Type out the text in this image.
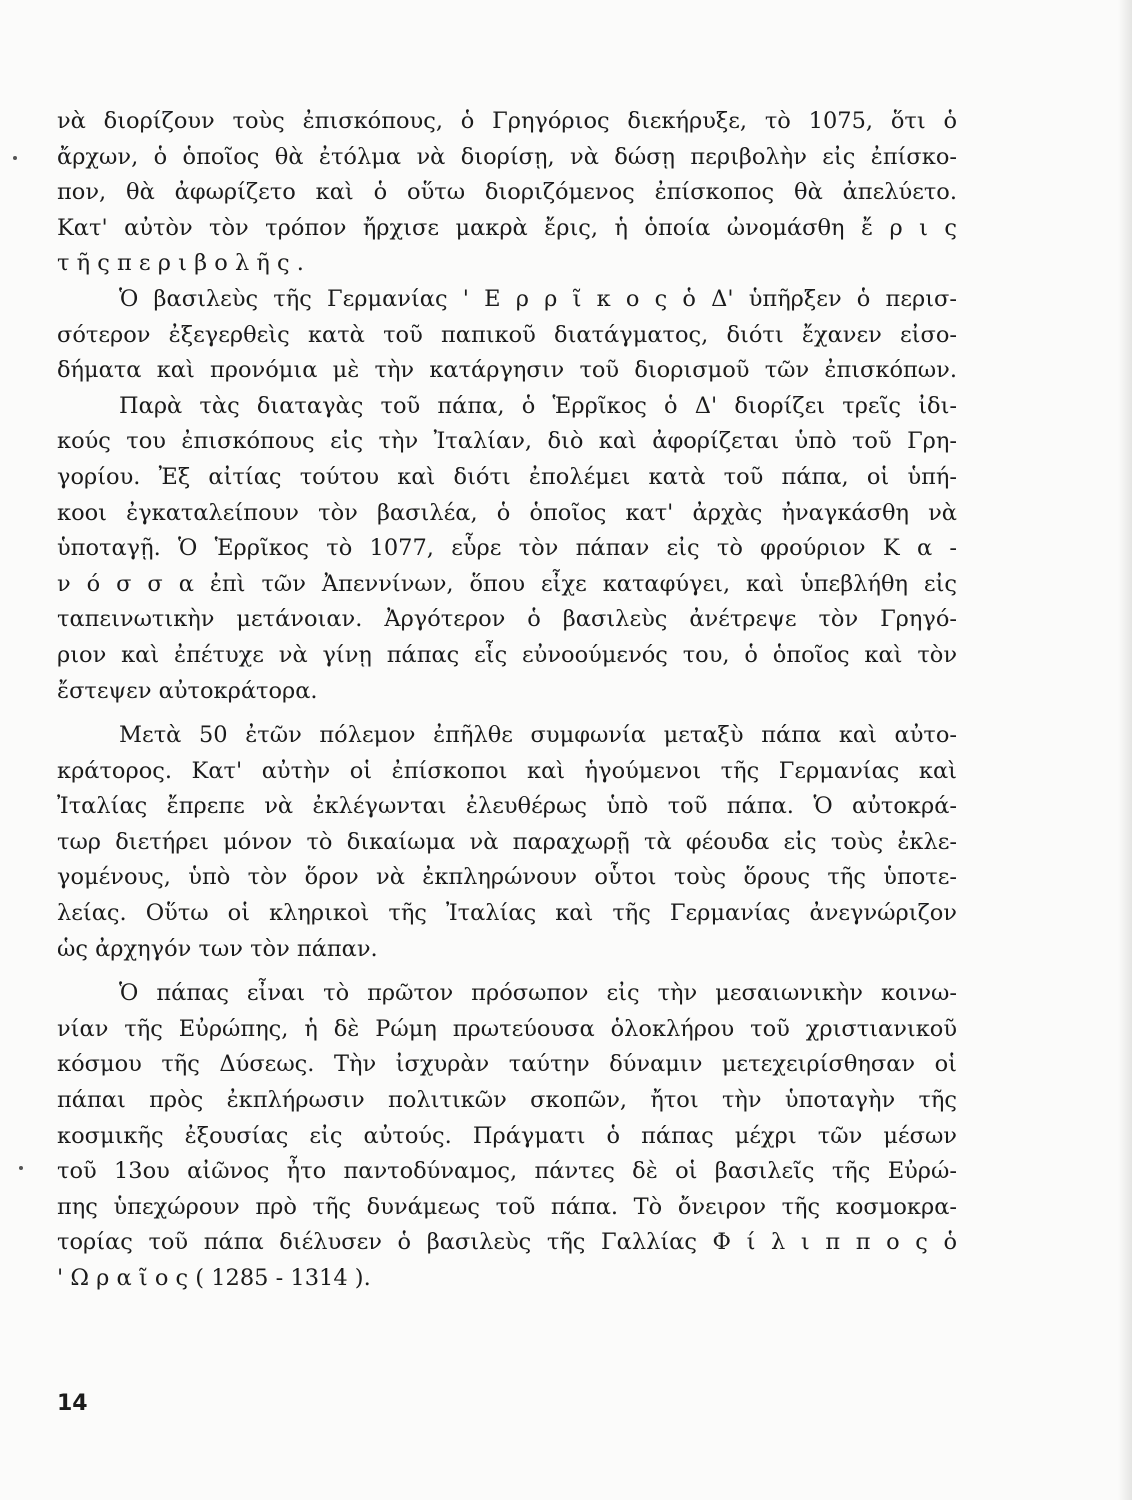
νὰ διορίζουν τοὺς ἐπισκόπους, ὁ Γρηγόριος διεκήρυξε, τὸ 1075, ὅτι ὁ
ἄρχων, ὁ ὁποῖος θὰ ἐτόλμα νὰ διορίσῃ, νὰ δώσῃ περιβολὴν εἰς ἐπίσκο-
πον, θὰ ἀφωρίζετο καὶ ὁ οὕτω διοριζόμενος ἐπίσκοπος θὰ ἀπελύετο.
Κατ' αὐτὸν τὸν τρόπον ἤρχισε μακρὰ ἔρις, ἡ ὁποία ὠνομάσθη ἔ ρ ι ς
τ ῆ ς π ε ρ ι β ο λ ῆ ς .
Ὁ βασιλεὺς τῆς Γερμανίας ' Ε ρ ρ ῖ κ ο ς ὁ Δ' ὑπῆρξεν ὁ περισ-
σότερον ἐξεγερθεὶς κατὰ τοῦ παπικοῦ διατάγματος, διότι ἔχανεν εἰσο-
δήματα καὶ προνόμια μὲ τὴν κατάργησιν τοῦ διορισμοῦ τῶν ἐπισκόπων.
Παρὰ τὰς διαταγὰς τοῦ πάπα, ὁ Ἑρρῖκος ὁ Δ' διορίζει τρεῖς ἰδι-
κούς του ἐπισκόπους εἰς τὴν Ἰταλίαν, διὸ καὶ ἀφορίζεται ὑπὸ τοῦ Γρη-
γορίου. Ἐξ αἰτίας τούτου καὶ διότι ἐπολέμει κατὰ τοῦ πάπα, οἱ ὑπή-
κοοι ἐγκαταλείπουν τὸν βασιλέα, ὁ ὁποῖος κατ' ἀρχὰς ἠναγκάσθη νὰ
ὑποταγῇ. Ὁ Ἑρρῖκος τὸ 1077, εὗρε τὸν πάπαν εἰς τὸ φρούριον Κ α -
ν ό σ σ α ἐπὶ τῶν Ἀπεννίνων, ὅπου εἶχε καταφύγει, καὶ ὑπεβλήθη εἰς
ταπεινωτικὴν μετάνοιαν. Ἀργότερον ὁ βασιλεὺς ἀνέτρεψε τὸν Γρηγό-
ριον καὶ ἐπέτυχε νὰ γίνῃ πάπας εἷς εὐνοούμενός του, ὁ ὁποῖος καὶ τὸν
ἔστεψεν αὐτοκράτορα.
Μετὰ 50 ἐτῶν πόλεμον ἐπῆλθε συμφωνία μεταξὺ πάπα καὶ αὐτο-
κράτορος. Κατ' αὐτὴν οἱ ἐπίσκοποι καὶ ἡγούμενοι τῆς Γερμανίας καὶ
Ἰταλίας ἔπρεπε νὰ ἐκλέγωνται ἐλευθέρως ὑπὸ τοῦ πάπα. Ὁ αὐτοκρά-
τωρ διετήρει μόνον τὸ δικαίωμα νὰ παραχωρῇ τὰ φέουδα εἰς τοὺς ἐκλε-
γομένους, ὑπὸ τὸν ὅρον νὰ ἐκπληρώνουν οὗτοι τοὺς ὅρους τῆς ὑποτε-
λείας. Οὕτω οἱ κληρικοὶ τῆς Ἰταλίας καὶ τῆς Γερμανίας ἀνεγνώριζον
ὡς ἀρχηγόν των τὸν πάπαν.
Ὁ πάπας εἶναι τὸ πρῶτον πρόσωπον εἰς τὴν μεσαιωνικὴν κοινω-
νίαν τῆς Εὐρώπης, ἡ δὲ Ρώμη πρωτεύουσα ὁλοκλήρου τοῦ χριστιανικοῦ
κόσμου τῆς Δύσεως. Τὴν ἰσχυρὰν ταύτην δύναμιν μετεχειρίσθησαν οἱ
πάπαι πρὸς ἐκπλήρωσιν πολιτικῶν σκοπῶν, ἤτοι τὴν ὑποταγὴν τῆς
κοσμικῆς ἐξουσίας εἰς αὐτούς. Πράγματι ὁ πάπας μέχρι τῶν μέσων
τοῦ 13ου αἰῶνος ἦτο παντοδύναμος, πάντες δὲ οἱ βασιλεῖς τῆς Εὐρώ-
πης ὑπεχώρουν πρὸ τῆς δυνάμεως τοῦ πάπα. Τὸ ὄνειρον τῆς κοσμοκρα-
τορίας τοῦ πάπα διέλυσεν ὁ βασιλεὺς τῆς Γαλλίας Φ ί λ ι π π ο ς ὁ
' Ω ρ α ῖ ο ς ( 1285 - 1314 ).
14
